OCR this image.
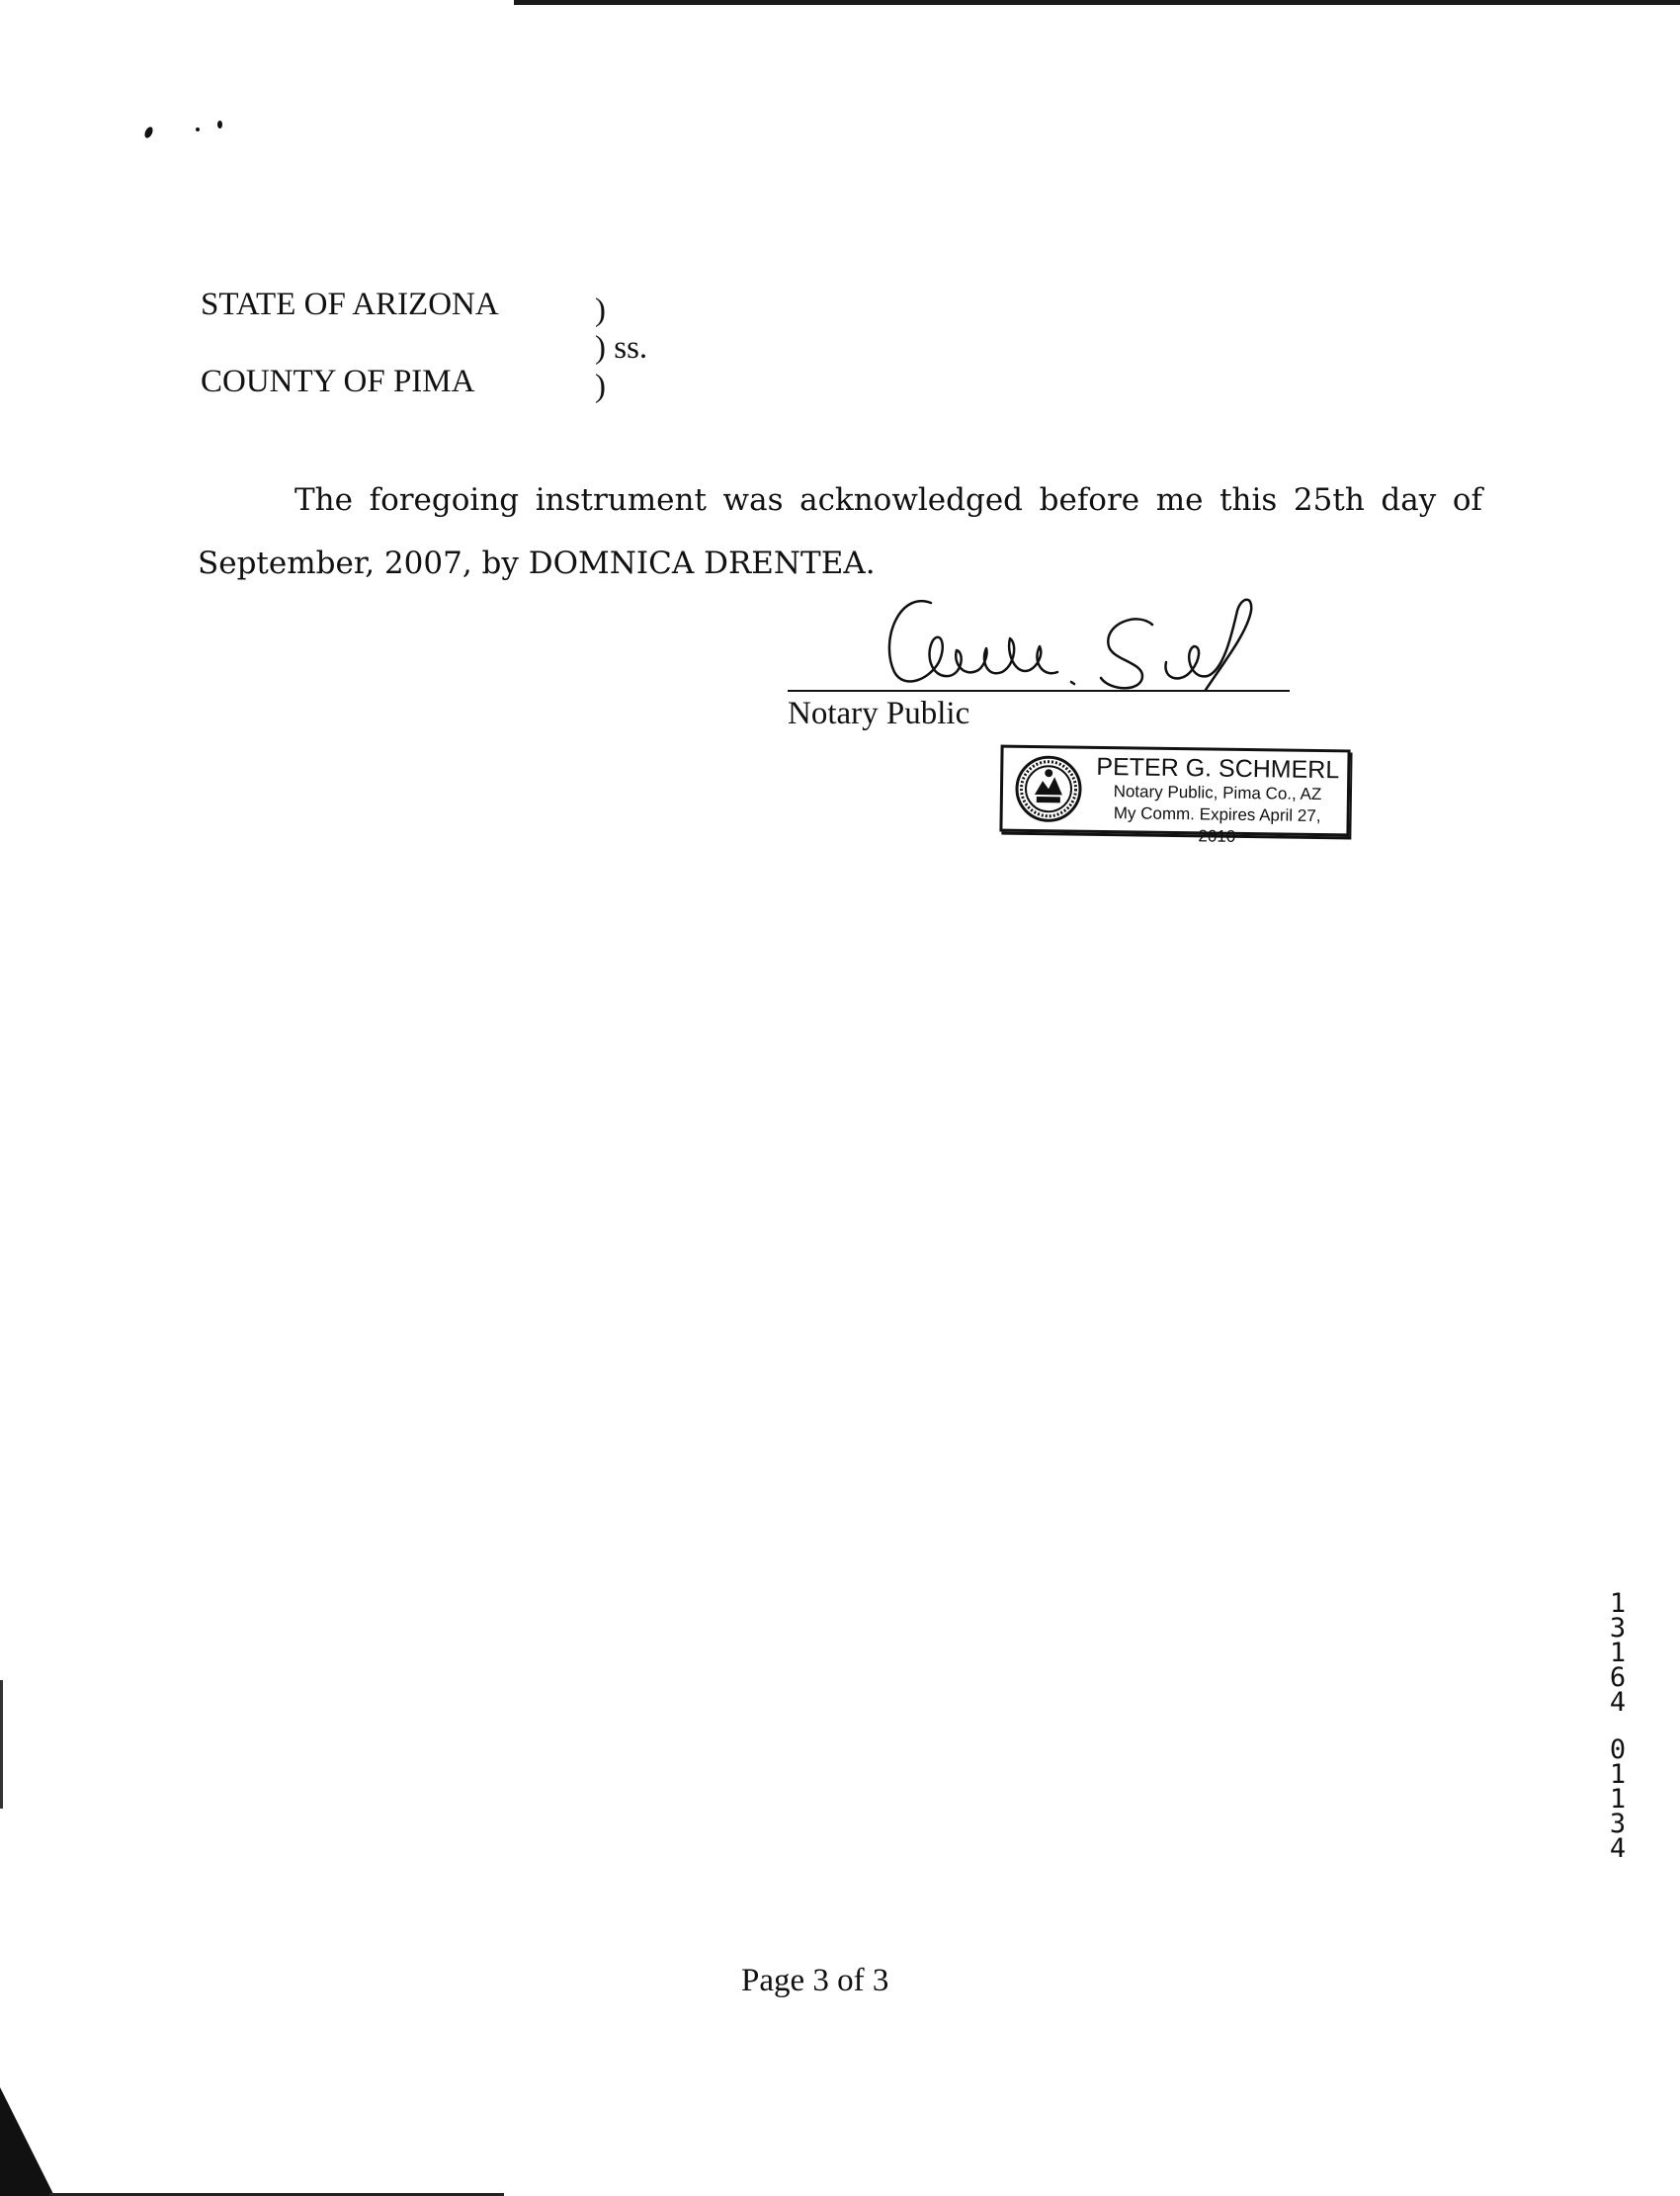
STATE OF ARIZONA	)
) ss.
COUNTY OF PIMA	)
The foregoing instrument was acknowledged before me this 25th day of September, 2007, by DOMNICA DRENTEA.
Notary Public
PETER G. SCHMERL
Notary Public, Pima Co., AZ
My Comm. Expires April 27, 2010
13164
01134
Page 3 of 3
